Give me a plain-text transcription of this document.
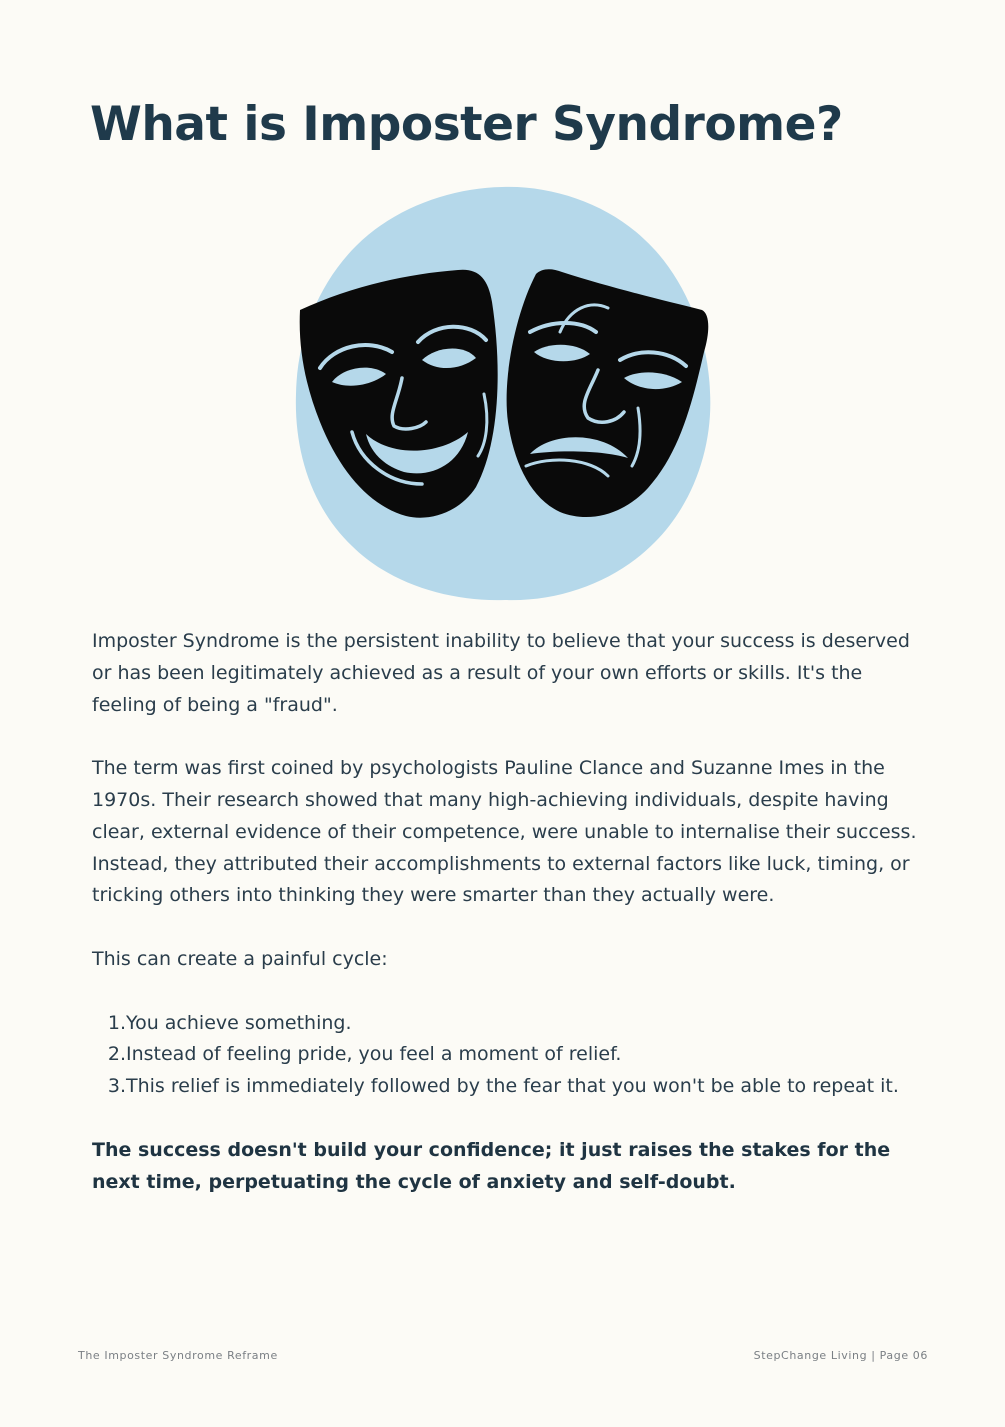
What is Imposter Syndrome?

Imposter Syndrome is the persistent inability to believe that your success is deserved or has been legitimately achieved as a result of your own efforts or skills. It's the feeling of being a "fraud".

The term was first coined by psychologists Pauline Clance and Suzanne Imes in the 1970s. Their research showed that many high-achieving individuals, despite having clear, external evidence of their competence, were unable to internalise their success. Instead, they attributed their accomplishments to external factors like luck, timing, or tricking others into thinking they were smarter than they actually were.

This can create a painful cycle:

1. You achieve something.
2. Instead of feeling pride, you feel a moment of relief.
3. This relief is immediately followed by the fear that you won't be able to repeat it.

The success doesn't build your confidence; it just raises the stakes for the next time, perpetuating the cycle of anxiety and self-doubt.

The Imposter Syndrome Reframe	StepChange Living | Page 06
